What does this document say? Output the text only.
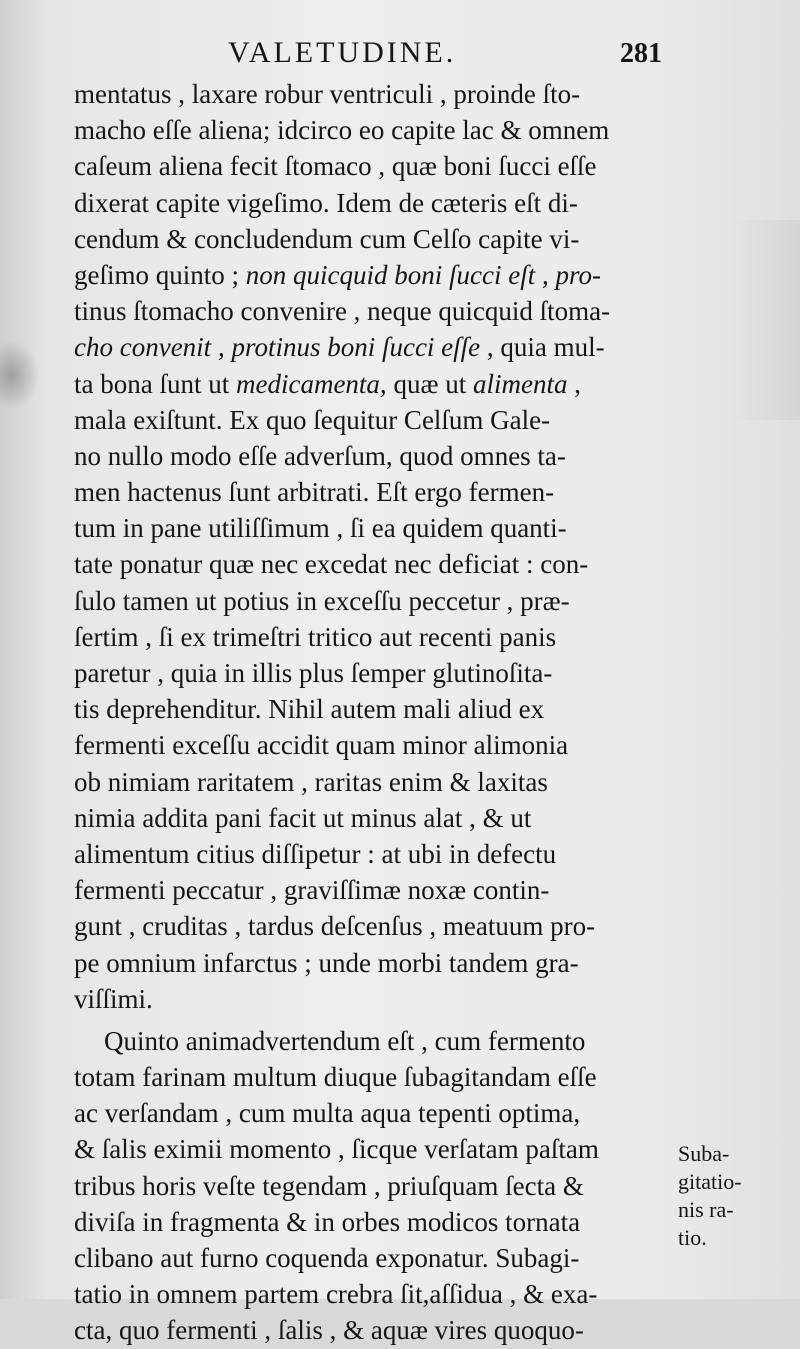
VALETUDINE.	281
mentatus , laxare robur ventriculi , proinde ſto-
macho eſſe aliena; idcirco eo capite lac & omnem
caſeum aliena fecit ſtomaco , quæ boni ſucci eſſe
dixerat capite vigeſimo. Idem de cæteris eſt di-
cendum & concludendum cum Celſo capite vi-
geſimo quinto ; non quicquid boni ſucci eſt , pro-
tinus ſtomacho convenire , neque quicquid ſtoma-
cho convenit , protinus boni ſucci eſſe , quia mul-
ta bona ſunt ut medicamenta, quæ ut alimenta ,
mala exiſtunt. Ex quo ſequitur Celſum Gale-
no nullo modo eſſe adverſum, quod omnes ta-
men hactenus ſunt arbitrati. Eſt ergo fermen-
tum in pane utiliſſimum , ſi ea quidem quanti-
tate ponatur quæ nec excedat nec deficiat : con-
ſulo tamen ut potius in exceſſu peccetur , præ-
ſertim , ſi ex trimeſtri tritico aut recenti panis
paretur , quia in illis plus ſemper glutinoſita-
tis deprehenditur. Nihil autem mali aliud ex
fermenti exceſſu accidit quam minor alimonia
ob nimiam raritatem , raritas enim & laxitas
nimia addita pani facit ut minus alat , & ut
alimentum citius diſſipetur : at ubi in defectu
fermenti peccatur , graviſſimæ noxæ contin-
gunt , cruditas , tardus deſcenſus , meatuum pro-
pe omnium infarctus ; unde morbi tandem gra-
viſſimi.
Quinto animadvertendum eſt , cum fermento
totam farinam multum diuque ſubagitandam eſſe
ac verſandam , cum multa aqua tepenti optima,
& ſalis eximii momento , ſicque verſatam paſtam
tribus horis veſte tegendam , priuſquam ſecta &
diviſa in fragmenta & in orbes modicos tornata
clibano aut furno coquenda exponatur. Subagi-
tatio in omnem partem crebra ſit,aſſidua , & exa-
cta, quo fermenti , ſalis , & aquæ vires quoquo-
Suba-
gitatio-
nis ra-
tio.
